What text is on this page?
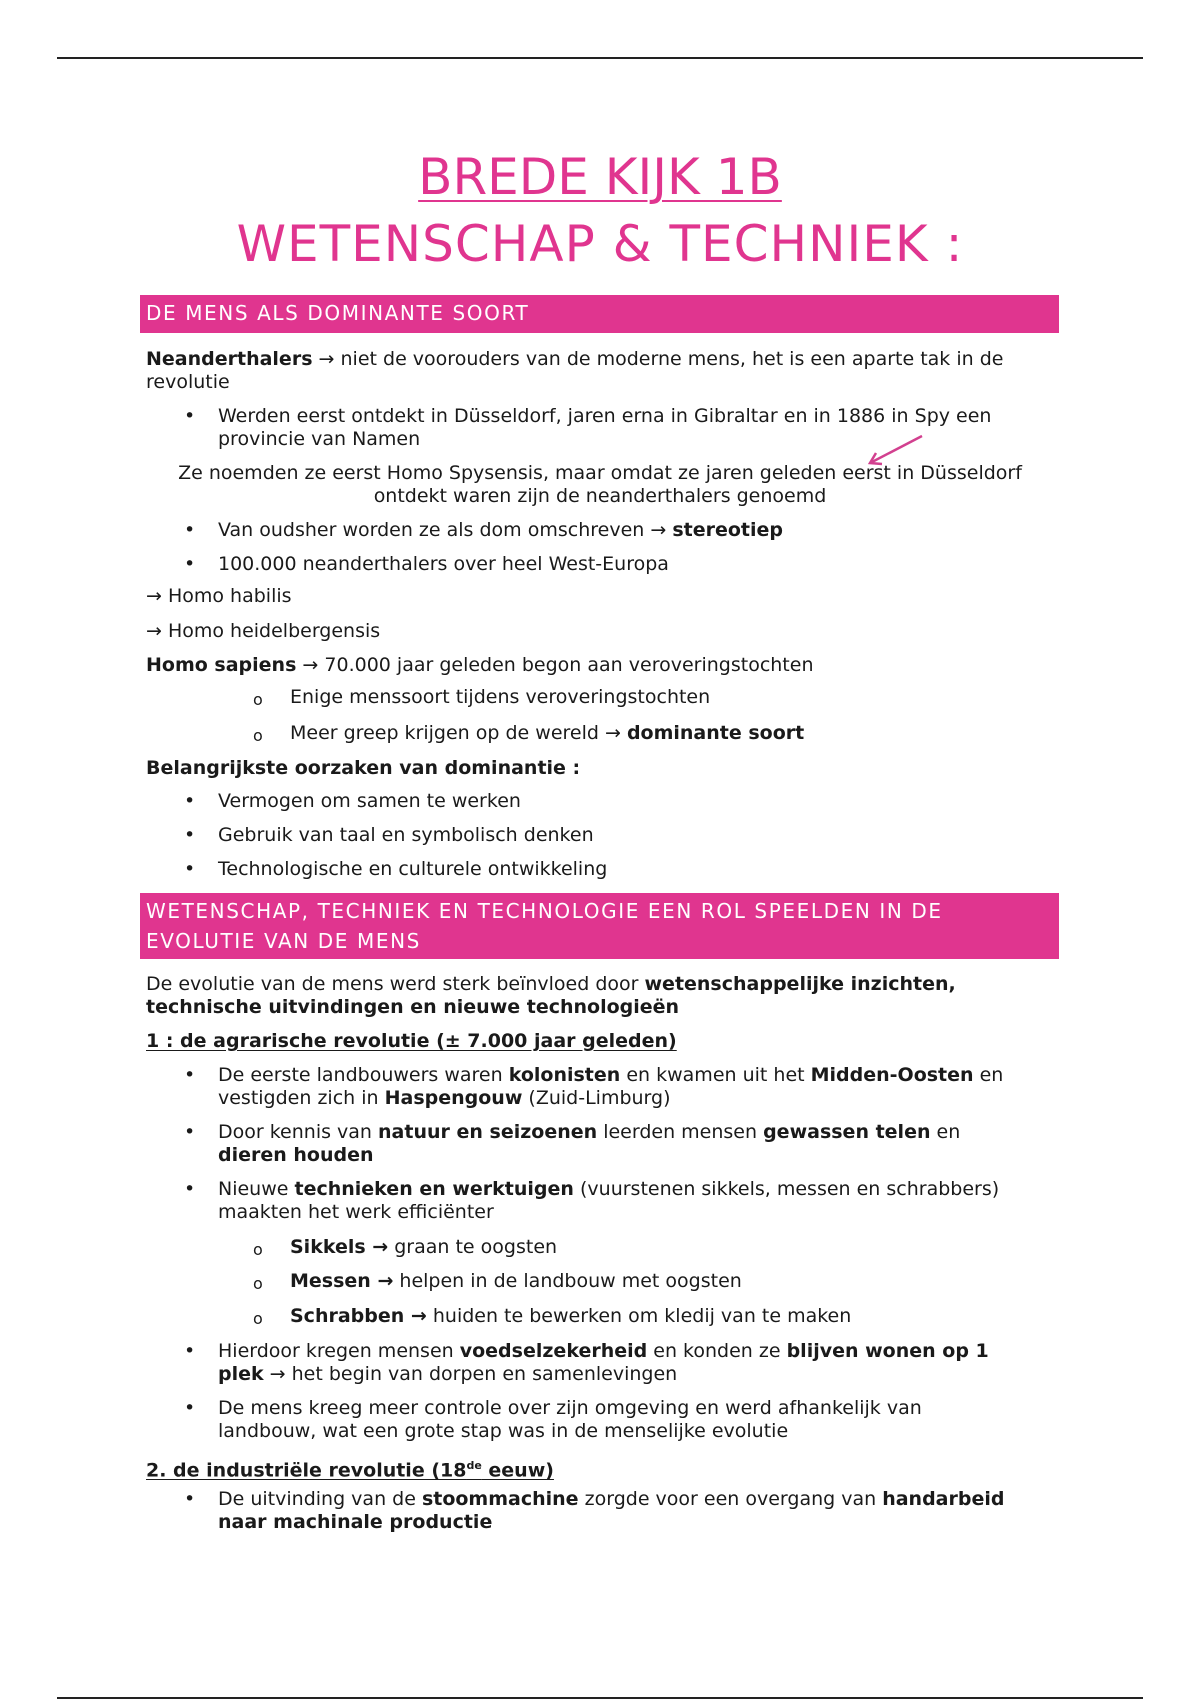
BREDE KIJK 1B
WETENSCHAP & TECHNIEK :
DE MENS ALS DOMINANTE SOORT
Neanderthalers → niet de voorouders van de moderne mens, het is een aparte tak in de revolutie
• Werden eerst ontdekt in Düsseldorf, jaren erna in Gibraltar en in 1886 in Spy een
provincie van Namen
Ze noemden ze eerst Homo Spysensis, maar omdat ze jaren geleden eerst in Düsseldorf
ontdekt waren zijn de neanderthalers genoemd
• Van oudsher worden ze als dom omschreven → stereotiep
• 100.000 neanderthalers over heel West-Europa
→ Homo habilis
→ Homo heidelbergensis
Homo sapiens → 70.000 jaar geleden begon aan veroveringstochten
o Enige menssoort tijdens veroveringstochten
o Meer greep krijgen op de wereld → dominante soort
Belangrijkste oorzaken van dominantie :
• Vermogen om samen te werken
• Gebruik van taal en symbolisch denken
• Technologische en culturele ontwikkeling
WETENSCHAP, TECHNIEK EN TECHNOLOGIE EEN ROL SPEELDEN IN DE
EVOLUTIE VAN DE MENS
De evolutie van de mens werd sterk beïnvloed door wetenschappelijke inzichten,
technische uitvindingen en nieuwe technologieën
1 : de agrarische revolutie (± 7.000 jaar geleden)
• De eerste landbouwers waren kolonisten en kwamen uit het Midden-Oosten en
vestigden zich in Haspengouw (Zuid-Limburg)
• Door kennis van natuur en seizoenen leerden mensen gewassen telen en
dieren houden
• Nieuwe technieken en werktuigen (vuurstenen sikkels, messen en schrabbers)
maakten het werk efficiënter
o Sikkels → graan te oogsten
o Messen → helpen in de landbouw met oogsten
o Schrabben → huiden te bewerken om kledij van te maken
• Hierdoor kregen mensen voedselzekerheid en konden ze blijven wonen op 1
plek → het begin van dorpen en samenlevingen
• De mens kreeg meer controle over zijn omgeving en werd afhankelijk van
landbouw, wat een grote stap was in de menselijke evolutie
2. de industriële revolutie (18de eeuw)
• De uitvinding van de stoommachine zorgde voor een overgang van handarbeid
naar machinale productie
